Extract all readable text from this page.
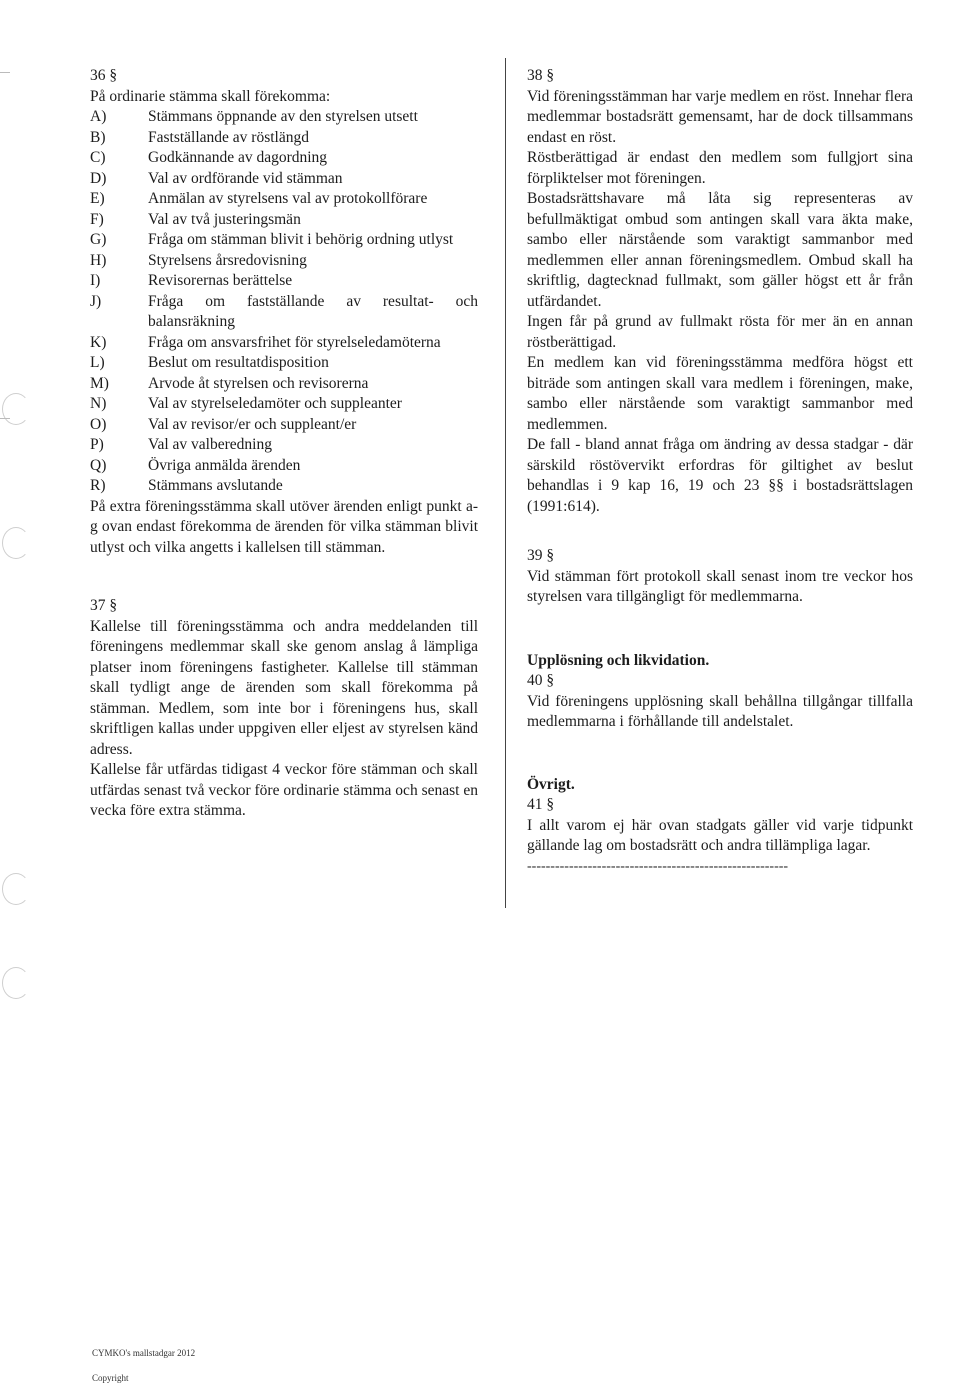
36 §

På ordinarie stämma skall förekomma:

A)	Stämmans öppnande av den styrelsen utsett
B)	Fastställande av röstlängd
C)	Godkännande av dagordning
D)	Val av ordförande vid stämman
E)	Anmälan av styrelsens val av protokollförare
F)	Val av två justeringsmän
G)	Fråga om stämman blivit i behörig ordning utlyst
H)	Styrelsens årsredovisning
I)	Revisorernas berättelse
J)	Fråga om fastställande av resultat- och balansräkning
K)	Fråga om ansvarsfrihet för styrelseledamöterna
L)	Beslut om resultatdisposition
M)	Arvode åt styrelsen och revisorerna
N)	Val av styrelseledamöter och suppleanter
O)	Val av revisor/er och suppleant/er
P)	Val av valberedning
Q)	Övriga anmälda ärenden
R)	Stämmans avslutande

På extra föreningsstämma skall utöver ärenden enligt punkt a-g ovan endast förekomma de ärenden för vilka stämman blivit utlyst och vilka angetts i kallelsen till stämman.

37 §

Kallelse till föreningsstämma och andra meddelanden till föreningens medlemmar skall ske genom anslag å lämpliga platser inom föreningens fastigheter. Kallelse till stämman skall tydligt ange de ärenden som skall förekomma på stämman. Medlem, som inte bor i föreningens hus, skall skriftligen kallas under uppgiven eller eljest av styrelsen känd adress.

Kallelse får utfärdas tidigast 4 veckor före stämman och skall utfärdas senast två veckor före ordinarie stämma och senast en vecka före extra stämma.

38 §

Vid föreningsstämman har varje medlem en röst. Innehar flera medlemmar bostadsrätt gemensamt, har de dock tillsammans endast en röst.

Röstberättigad är endast den medlem som fullgjort sina förpliktelser mot föreningen.

Bostadsrättshavare må låta sig representeras av befullmäktigat ombud som antingen skall vara äkta make, sambo eller närstående som varaktigt sammanbor med medlemmen eller annan föreningsmedlem. Ombud skall ha skriftlig, dagtecknad fullmakt, som gäller högst ett år från utfärdandet.

Ingen får på grund av fullmakt rösta för mer än en annan röstberättigad.

En medlem kan vid föreningsstämma medföra högst ett biträde som antingen skall vara medlem i föreningen, make, sambo eller närstående som varaktigt sammanbor med medlemmen.

De fall - bland annat fråga om ändring av dessa stadgar - där särskild röstövervikt erfordras för giltighet av beslut behandlas i 9 kap 16, 19 och 23 §§ i bostadsrättslagen (1991:614).

39 §

Vid stämman fört protokoll skall senast inom tre veckor hos styrelsen vara tillgängligt för medlemmarna.

Upplösning och likvidation.

40 §

Vid föreningens upplösning skall behållna tillgångar tillfalla medlemmarna i förhållande till andelstalet.

Övrigt.

41 §

I allt varom ej här ovan stadgats gäller vid varje tidpunkt gällande lag om bostadsrätt och andra tillämpliga lagar.

--------------------------------------------------------

CYMKO's mallstadgar 2012

Copyright
